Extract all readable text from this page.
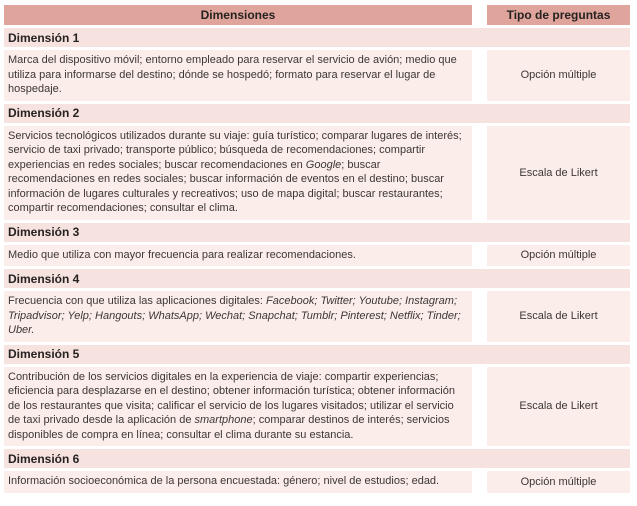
Dimensiones	Tipo de preguntas
Dimensión 1
Marca del dispositivo móvil; entorno empleado para reservar el servicio de avión; medio que utiliza para informarse del destino; dónde se hospedó; formato para reservar el lugar de hospedaje.
Opción múltiple
Dimensión 2
Servicios tecnológicos utilizados durante su viaje: guía turístico; comparar lugares de interés; servicio de taxi privado; transporte público; búsqueda de recomendaciones; compartir experiencias en redes sociales; buscar recomendaciones en Google; buscar recomendaciones en redes sociales; buscar información de eventos en el destino; buscar información de lugares culturales y recreativos; uso de mapa digital; buscar restaurantes; compartir recomendaciones; consultar el clima.
Escala de Likert
Dimensión 3
Medio que utiliza con mayor frecuencia para realizar recomendaciones.	Opción múltiple
Dimensión 4
Frecuencia con que utiliza las aplicaciones digitales: Facebook; Twitter; Youtube; Instagram; Tripadvisor; Yelp; Hangouts; WhatsApp; Wechat; Snapchat; Tumblr; Pinterest; Netflix; Tinder; Uber.
Escala de Likert
Dimensión 5
Contribución de los servicios digitales en la experiencia de viaje: compartir experiencias; eficiencia para desplazarse en el destino; obtener información turística; obtener información de los restaurantes que visita; calificar el servicio de los lugares visitados; utilizar el servicio de taxi privado desde la aplicación de smartphone; comparar destinos de interés; servicios disponibles de compra en línea; consultar el clima durante su estancia.
Escala de Likert
Dimensión 6
Información socioeconómica de la persona encuestada: género; nivel de estudios; edad.	Opción múltiple
